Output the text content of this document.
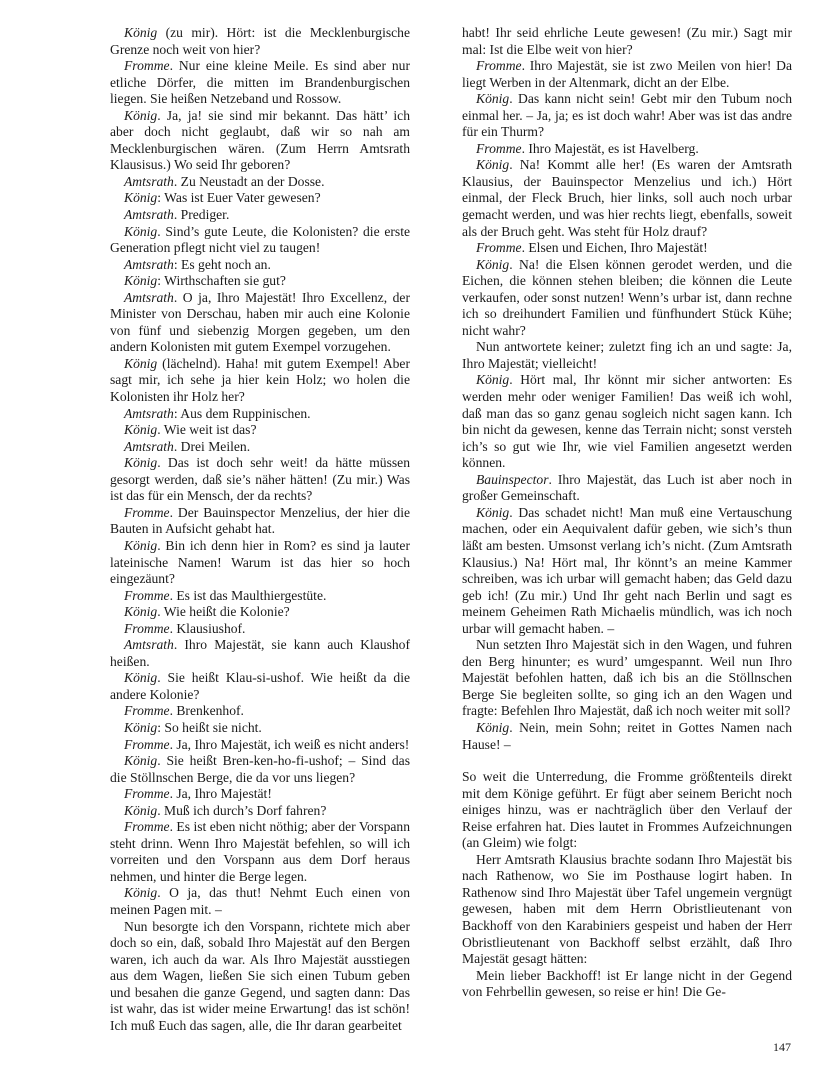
König (zu mir). Hört: ist die Mecklenburgische Grenze noch weit von hier?

Fromme. Nur eine kleine Meile. Es sind aber nur etliche Dörfer, die mitten im Brandenburgischen liegen. Sie heißen Netzeband und Rossow.

König. Ja, ja! sie sind mir bekannt. Das hätt’ ich aber doch nicht geglaubt, daß wir so nah am Mecklenburgischen wären. (Zum Herrn Amtsrath Klausisus.) Wo seid Ihr geboren?

Amtsrath. Zu Neustadt an der Dosse.

König: Was ist Euer Vater gewesen?

Amtsrath. Prediger.

König. Sind’s gute Leute, die Kolonisten? die erste Generation pflegt nicht viel zu taugen!

Amtsrath: Es geht noch an.

König: Wirthschaften sie gut?

Amtsrath. O ja, Ihro Majestät! Ihro Excellenz, der Minister von Derschau, haben mir auch eine Kolonie von fünf und siebenzig Morgen gegeben, um den andern Kolonisten mit gutem Exempel vorzugehen.

König (lächelnd). Haha! mit gutem Exempel! Aber sagt mir, ich sehe ja hier kein Holz; wo holen die Kolonisten ihr Holz her?

Amtsrath: Aus dem Ruppinischen.

König. Wie weit ist das?

Amtsrath. Drei Meilen.

König. Das ist doch sehr weit! da hätte müssen gesorgt werden, daß sie’s näher hätten! (Zu mir.) Was ist das für ein Mensch, der da rechts?

Fromme. Der Bauinspector Menzelius, der hier die Bauten in Aufsicht gehabt hat.

König. Bin ich denn hier in Rom? es sind ja lauter lateinische Namen! Warum ist das hier so hoch eingezäunt?

Fromme. Es ist das Maulthiergestüte.

König. Wie heißt die Kolonie?

Fromme. Klausiushof.

Amtsrath. Ihro Majestät, sie kann auch Klaushof heißen.

König. Sie heißt Klau-si-ushof. Wie heißt da die andere Kolonie?

Fromme. Brenkenhof.

König: So heißt sie nicht.

Fromme. Ja, Ihro Majestät, ich weiß es nicht anders!

König. Sie heißt Bren-ken-ho-fi-ushof; – Sind das die Stöllnschen Berge, die da vor uns liegen?

Fromme. Ja, Ihro Majestät!

König. Muß ich durch’s Dorf fahren?

Fromme. Es ist eben nicht nöthig; aber der Vorspann steht drinn. Wenn Ihro Majestät befehlen, so will ich vorreiten und den Vorspann aus dem Dorf heraus nehmen, und hinter die Berge legen.

König. O ja, das thut! Nehmt Euch einen von meinen Pagen mit. –

Nun besorgte ich den Vorspann, richtete mich aber doch so ein, daß, sobald Ihro Majestät auf den Bergen waren, ich auch da war. Als Ihro Majestät ausstiegen aus dem Wagen, ließen Sie sich einen Tubum geben und besahen die ganze Gegend, und sagten dann: Das ist wahr, das ist wider meine Erwartung! das ist schön! Ich muß Euch das sagen, alle, die Ihr daran gearbeitet

habt! Ihr seid ehrliche Leute gewesen! (Zu mir.) Sagt mir mal: Ist die Elbe weit von hier?

Fromme. Ihro Majestät, sie ist zwo Meilen von hier! Da liegt Werben in der Altenmark, dicht an der Elbe.

König. Das kann nicht sein! Gebt mir den Tubum noch einmal her. – Ja, ja; es ist doch wahr! Aber was ist das andre für ein Thurm?

Fromme. Ihro Majestät, es ist Havelberg.

König. Na! Kommt alle her! (Es waren der Amtsrath Klausius, der Bauinspector Menzelius und ich.) Hört einmal, der Fleck Bruch, hier links, soll auch noch urbar gemacht werden, und was hier rechts liegt, ebenfalls, soweit als der Bruch geht. Was steht für Holz drauf?

Fromme. Elsen und Eichen, Ihro Majestät!

König. Na! die Elsen können gerodet werden, und die Eichen, die können stehen bleiben; die können die Leute verkaufen, oder sonst nutzen! Wenn’s urbar ist, dann rechne ich so dreihundert Familien und fünfhundert Stück Kühe; nicht wahr?

Nun antwortete keiner; zuletzt fing ich an und sagte: Ja, Ihro Majestät; vielleicht!

König. Hört mal, Ihr könnt mir sicher antworten: Es werden mehr oder weniger Familien! Das weiß ich wohl, daß man das so ganz genau sogleich nicht sagen kann. Ich bin nicht da gewesen, kenne das Terrain nicht; sonst versteh ich’s so gut wie Ihr, wie viel Familien angesetzt werden können.

Bauinspector. Ihro Majestät, das Luch ist aber noch in großer Gemeinschaft.

König. Das schadet nicht! Man muß eine Vertauschung machen, oder ein Aequivalent dafür geben, wie sich’s thun läßt am besten. Umsonst verlang ich’s nicht. (Zum Amtsrath Klausius.) Na! Hört mal, Ihr könnt’s an meine Kammer schreiben, was ich urbar will gemacht haben; das Geld dazu geb ich! (Zu mir.) Und Ihr geht nach Berlin und sagt es meinem Geheimen Rath Michaelis mündlich, was ich noch urbar will gemacht haben. –

Nun setzten Ihro Majestät sich in den Wagen, und fuhren den Berg hinunter; es wurd’ umgespannt. Weil nun Ihro Majestät befohlen hatten, daß ich bis an die Stöllnschen Berge Sie begleiten sollte, so ging ich an den Wagen und fragte: Befehlen Ihro Majestät, daß ich noch weiter mit soll?

König. Nein, mein Sohn; reitet in Gottes Namen nach Hause! –

So weit die Unterredung, die Fromme größtenteils direkt mit dem Könige geführt. Er fügt aber seinem Bericht noch einiges hinzu, was er nachträglich über den Verlauf der Reise erfahren hat. Dies lautet in Frommes Aufzeichnungen (an Gleim) wie folgt:

Herr Amtsrath Klausius brachte sodann Ihro Majestät bis nach Rathenow, wo Sie im Posthause logirt haben. In Rathenow sind Ihro Majestät über Tafel ungemein vergnügt gewesen, haben mit dem Herrn Obristlieutenant von Backhoff von den Karabiniers gespeist und haben der Herr Obristlieutenant von Backhoff selbst erzählt, daß Ihro Majestät gesagt hätten:

Mein lieber Backhoff! ist Er lange nicht in der Gegend von Fehrbellin gewesen, so reise er hin! Die Ge-

147
